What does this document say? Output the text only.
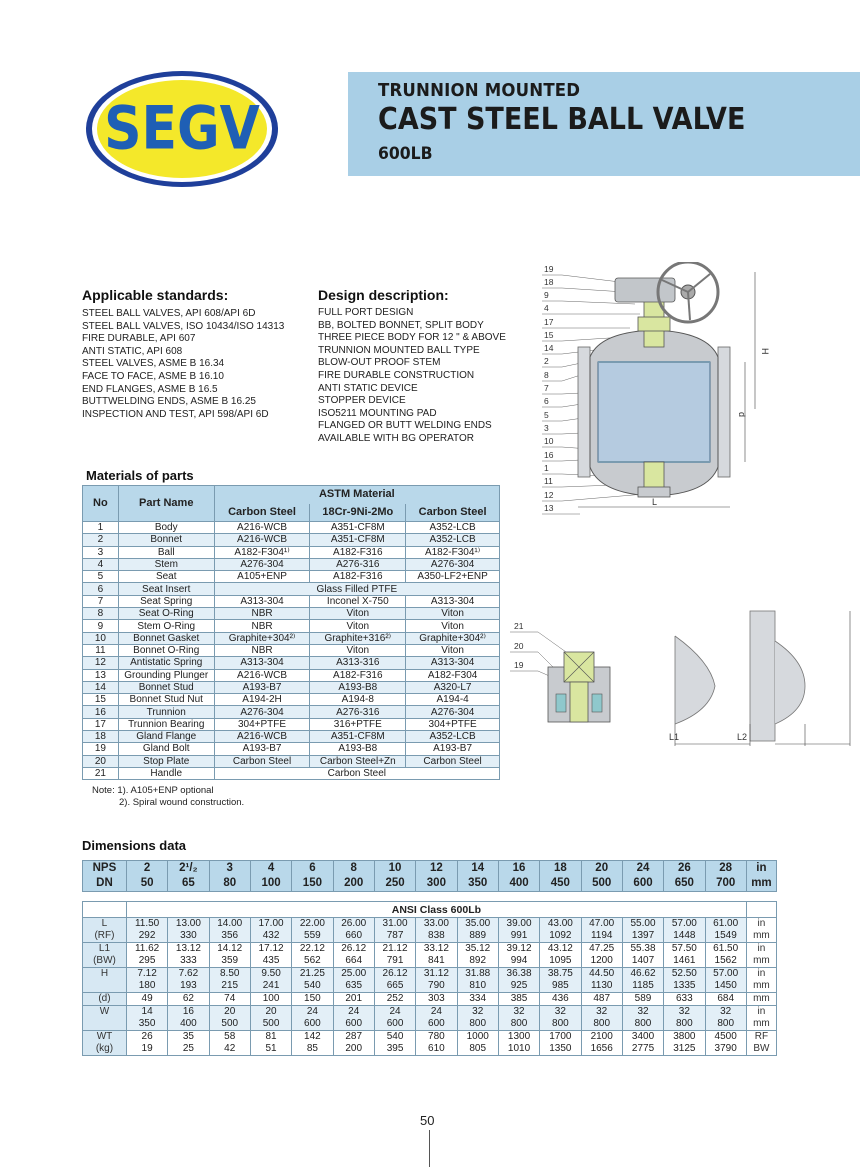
SEGV
TRUNNION MOUNTED
CAST STEEL BALL VALVE
600LB
Applicable standards:
STEEL BALL VALVES, API 608/API 6D
STEEL BALL VALVES, ISO 10434/ISO 14313
FIRE DURABLE, API 607
ANTI STATIC, API 608
STEEL VALVES, ASME B 16.34
FACE TO FACE, ASME B 16.10
END FLANGES, ASME B 16.5
BUTTWELDING ENDS, ASME B 16.25
INSPECTION AND TEST, API 598/API 6D
Design description:
FULL PORT DESIGN
BB, BOLTED BONNET, SPLIT BODY
THREE PIECE BODY FOR 12 " & ABOVE
TRUNNION MOUNTED BALL TYPE
BLOW-OUT PROOF STEM
FIRE DURABLE CONSTRUCTION
ANTI STATIC DEVICE
STOPPER DEVICE
ISO5211 MOUNTING PAD
FLANGED OR BUTT WELDING ENDS
AVAILABLE WITH BG OPERATOR
19
18
9
4
17
15
14
2
8
7
6
5
3
10
16
1
11
12
13
H
d
L
21
20
19
L1	L2
Materials of parts
No	Part Name	ASTM Material		
		Carbon Steel	18Cr-9Ni-2Mo	Carbon Steel
1	Body	A216-WCB	A351-CF8M	A352-LCB
2	Bonnet	A216-WCB	A351-CF8M	A352-LCB
3	Ball	A182-F304¹⁾	A182-F316	A182-F304¹⁾
4	Stem	A276-304	A276-316	A276-304
5	Seat	A105+ENP	A182-F316	A350-LF2+ENP
6	Seat Insert	Glass Filled PTFE		
7	Seat Spring	A313-304	Inconel X-750	A313-304
8	Seat O-Ring	NBR	Viton	Viton
9	Stem O-Ring	NBR	Viton	Viton
10	Bonnet Gasket	Graphite+304²⁾	Graphite+316²⁾	Graphite+304²⁾
11	Bonnet O-Ring	NBR	Viton	Viton
12	Antistatic Spring	A313-304	A313-316	A313-304
13	Grounding Plunger	A216-WCB	A182-F316	A182-F304
14	Bonnet Stud	A193-B7	A193-B8	A320-L7
15	Bonnet Stud Nut	A194-2H	A194-8	A194-4
16	Trunnion	A276-304	A276-316	A276-304
17	Trunnion Bearing	304+PTFE	316+PTFE	304+PTFE
18	Gland Flange	A216-WCB	A351-CF8M	A352-LCB
19	Gland Bolt	A193-B7	A193-B8	A193-B7
20	Stop Plate	Carbon Steel	Carbon Steel+Zn	Carbon Steel
21	Handle	Carbon Steel		
Note: 1). A105+ENP optional
2). Spiral wound construction.
Dimensions data
NPS	2	2¹/₂	3	4	6	8	10	12	14	16	18	20	24	26	28	in
DN	50	65	80	100	150	200	250	300	350	400	450	500	600	650	700	mm

	ANSI Class 600Lb															
L	11.50	13.00	14.00	17.00	22.00	26.00	31.00	33.00	35.00	39.00	43.00	47.00	55.00	57.00	61.00	in
(RF)	292	330	356	432	559	660	787	838	889	991	1092	1194	1397	1448	1549	mm
L1	11.62	13.12	14.12	17.12	22.12	26.12	21.12	33.12	35.12	39.12	43.12	47.25	55.38	57.50	61.50	in
(BW)	295	333	359	435	562	664	791	841	892	994	1095	1200	1407	1461	1562	mm
H	7.12	7.62	8.50	9.50	21.25	25.00	26.12	31.12	31.88	36.38	38.75	44.50	46.62	52.50	57.00	in
	180	193	215	241	540	635	665	790	810	925	985	1130	1185	1335	1450	mm
(d)	49	62	74	100	150	201	252	303	334	385	436	487	589	633	684	mm
W	14	16	20	20	24	24	24	24	32	32	32	32	32	32	32	in
	350	400	500	500	600	600	600	600	800	800	800	800	800	800	800	mm
WT	26	35	58	81	142	287	540	780	1000	1300	1700	2100	3400	3800	4500	RF
(kg)	19	25	42	51	85	200	395	610	805	1010	1350	1656	2775	3125	3790	BW
50
